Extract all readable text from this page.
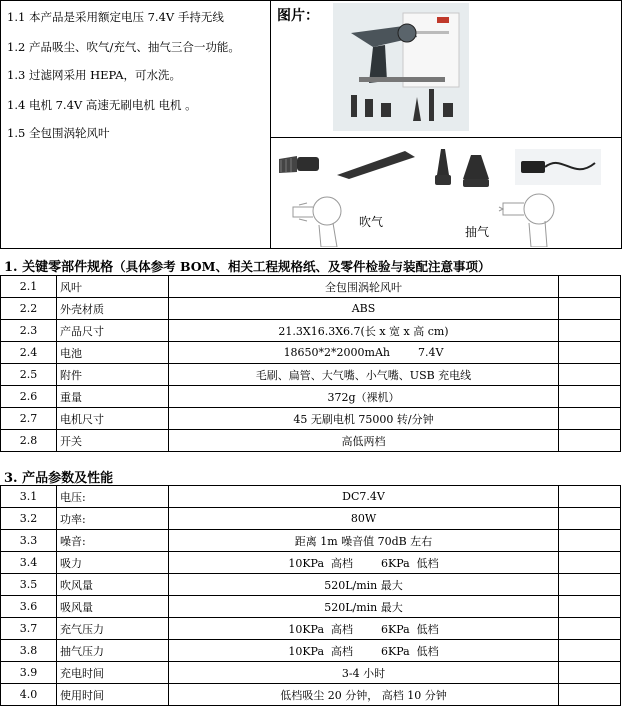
1.1 本产品是采用额定电压 7.4V 手持无线
1.2 产品吸尘、吹气/充气、抽气三合一功能。
1.3 过滤网采用 HEPA，可水洗。
1.4 电机 7.4V 高速无刷电机 电机 。
1.5 全包围涡轮风叶
图片：
吹气
抽气
1. 关键零部件规格（具体参考 BOM、相关工程规格纸、及零件检验与装配注意事项）
2.1	风叶	全包围涡轮风叶	
2.2	外壳材质	ABS	
2.3	产品尺寸	21.3X16.3X6.7(长 x 宽 x 高 cm)	
2.4	电池	18650*2*2000mAh        7.4V	
2.5	附件	毛刷、扁管、大气嘴、小气嘴、USB 充电线	
2.6	重量	372g（裸机）	
2.7	电机尺寸	45 无刷电机 75000 转/分钟	
2.8	开关	高低两档	
3. 产品参数及性能
3.1	电压:	DC7.4V	
3.2	功率:	80W	
3.3	噪音:	距离 1m 噪音值 70dB 左右	
3.4	吸力	10KPa  高档        6KPa  低档	
3.5	吹风量	520L/min 最大	
3.6	吸风量	520L/min 最大	
3.7	充气压力	10KPa  高档        6KPa  低档	
3.8	抽气压力	10KPa  高档        6KPa  低档	
3.9	充电时间	3-4 小时	
4.0	使用时间	低档吸尘 20 分钟， 高档 10 分钟	
